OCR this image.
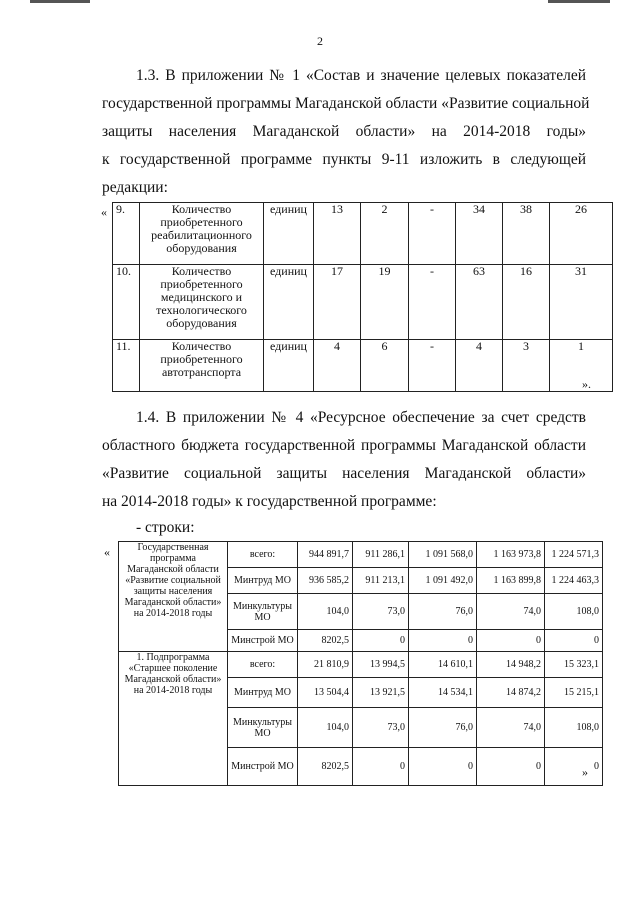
2
1.3. В приложении № 1 «Состав и значение целевых показателей
государственной программы Магаданской области «Развитие социальной
защиты населения Магаданской области» на 2014-2018 годы»
к государственной программе пункты 9-11 изложить в следующей
редакции:
« 9.	Количество приобретенного реабилитационного оборудования	единиц	13	2	-	34	38	26
10.	Количество приобретенного медицинского и технологического оборудования	единиц	17	19	-	63	16	31
11.	Количество приобретенного автотранспорта	единиц	4	6	-	4	3	1
».
1.4. В приложении № 4 «Ресурсное обеспечение за счет средств
областного бюджета государственной программы Магаданской области
«Развитие социальной защиты населения Магаданской области»
на 2014-2018 годы» к государственной программе:
- строки:
«	Государственная программа Магаданской области «Развитие социальной защиты населения Магаданской области» на 2014-2018 годы	всего:	944 891,7	911 286,1	1 091 568,0	1 163 973,8	1 224 571,3
	Минтруд МО	936 585,2	911 213,1	1 091 492,0	1 163 899,8	1 224 463,3
	Минкультуры МО	104,0	73,0	76,0	74,0	108,0
	Минстрой МО	8202,5	0	0	0	0
1. Подпрограмма «Старшее поколение Магаданской области» на 2014-2018 годы	всего:	21 810,9	13 994,5	14 610,1	14 948,2	15 323,1
	Минтруд МО	13 504,4	13 921,5	14 534,1	14 874,2	15 215,1
	Минкультуры МО	104,0	73,0	76,0	74,0	108,0
	Минстрой МО	8202,5	0	0	0	0
»
